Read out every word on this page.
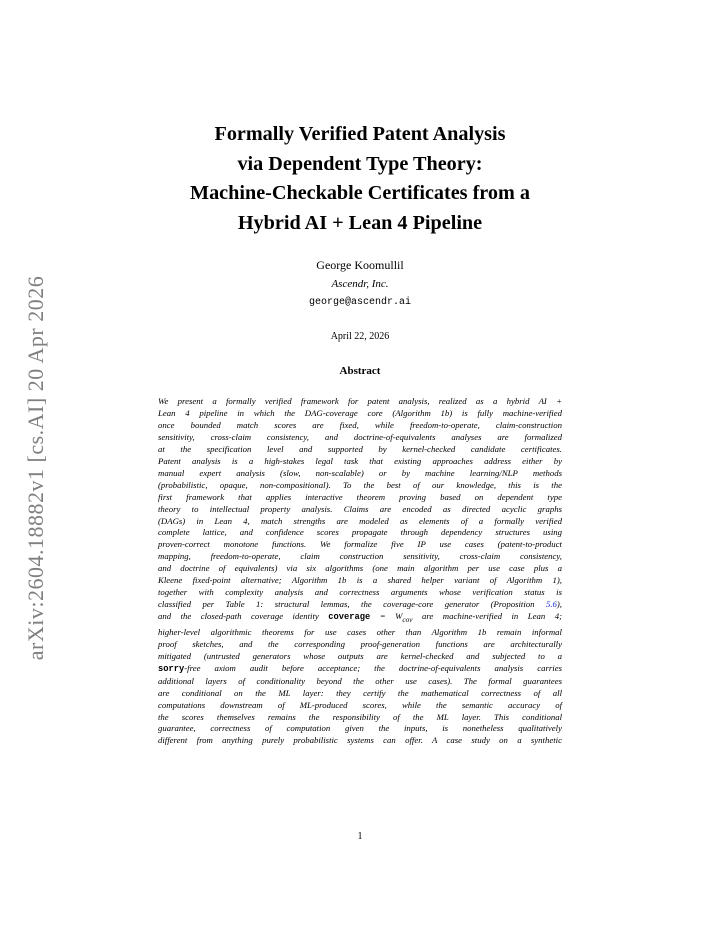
arXiv:2604.18882v1 [cs.AI] 20 Apr 2026
Formally Verified Patent Analysis
via Dependent Type Theory:
Machine-Checkable Certificates from a
Hybrid AI + Lean 4 Pipeline
George Koomullil
Ascendr, Inc.
george@ascendr.ai
April 22, 2026
Abstract
We present a formally verified framework for patent analysis, realized as a hybrid AI +
Lean 4 pipeline in which the DAG-coverage core (Algorithm 1b) is fully machine-verified
once bounded match scores are fixed, while freedom-to-operate, claim-construction
sensitivity, cross-claim consistency, and doctrine-of-equivalents analyses are formalized
at the specification level and supported by kernel-checked candidate certificates.
Patent analysis is a high-stakes legal task that existing approaches address either by
manual expert analysis (slow, non-scalable) or by machine learning/NLP methods
(probabilistic, opaque, non-compositional). To the best of our knowledge, this is the
first framework that applies interactive theorem proving based on dependent type
theory to intellectual property analysis. Claims are encoded as directed acyclic graphs
(DAGs) in Lean 4, match strengths are modeled as elements of a formally verified
complete lattice, and confidence scores propagate through dependency structures using
proven-correct monotone functions. We formalize five IP use cases (patent-to-product
mapping, freedom-to-operate, claim construction sensitivity, cross-claim consistency,
and doctrine of equivalents) via six algorithms (one main algorithm per use case plus a
Kleene fixed-point alternative; Algorithm 1b is a shared helper variant of Algorithm 1),
together with complexity analysis and correctness arguments whose verification status is
classified per Table 1: structural lemmas, the coverage-core generator (Proposition 5.6),
and the closed-path coverage identity coverage = $W_{cov}$ are machine-verified in Lean 4;
higher-level algorithmic theorems for use cases other than Algorithm 1b remain informal
proof sketches, and the corresponding proof-generation functions are architecturally
mitigated (untrusted generators whose outputs are kernel-checked and subjected to a
sorry-free axiom audit before acceptance; the doctrine-of-equivalents analysis carries
additional layers of conditionality beyond the other use cases). The formal guarantees
are conditional on the ML layer: they certify the mathematical correctness of all
computations downstream of ML-produced scores, while the semantic accuracy of
the scores themselves remains the responsibility of the ML layer. This conditional
guarantee, correctness of computation given the inputs, is nonetheless qualitatively
different from anything purely probabilistic systems can offer. A case study on a synthetic
1
